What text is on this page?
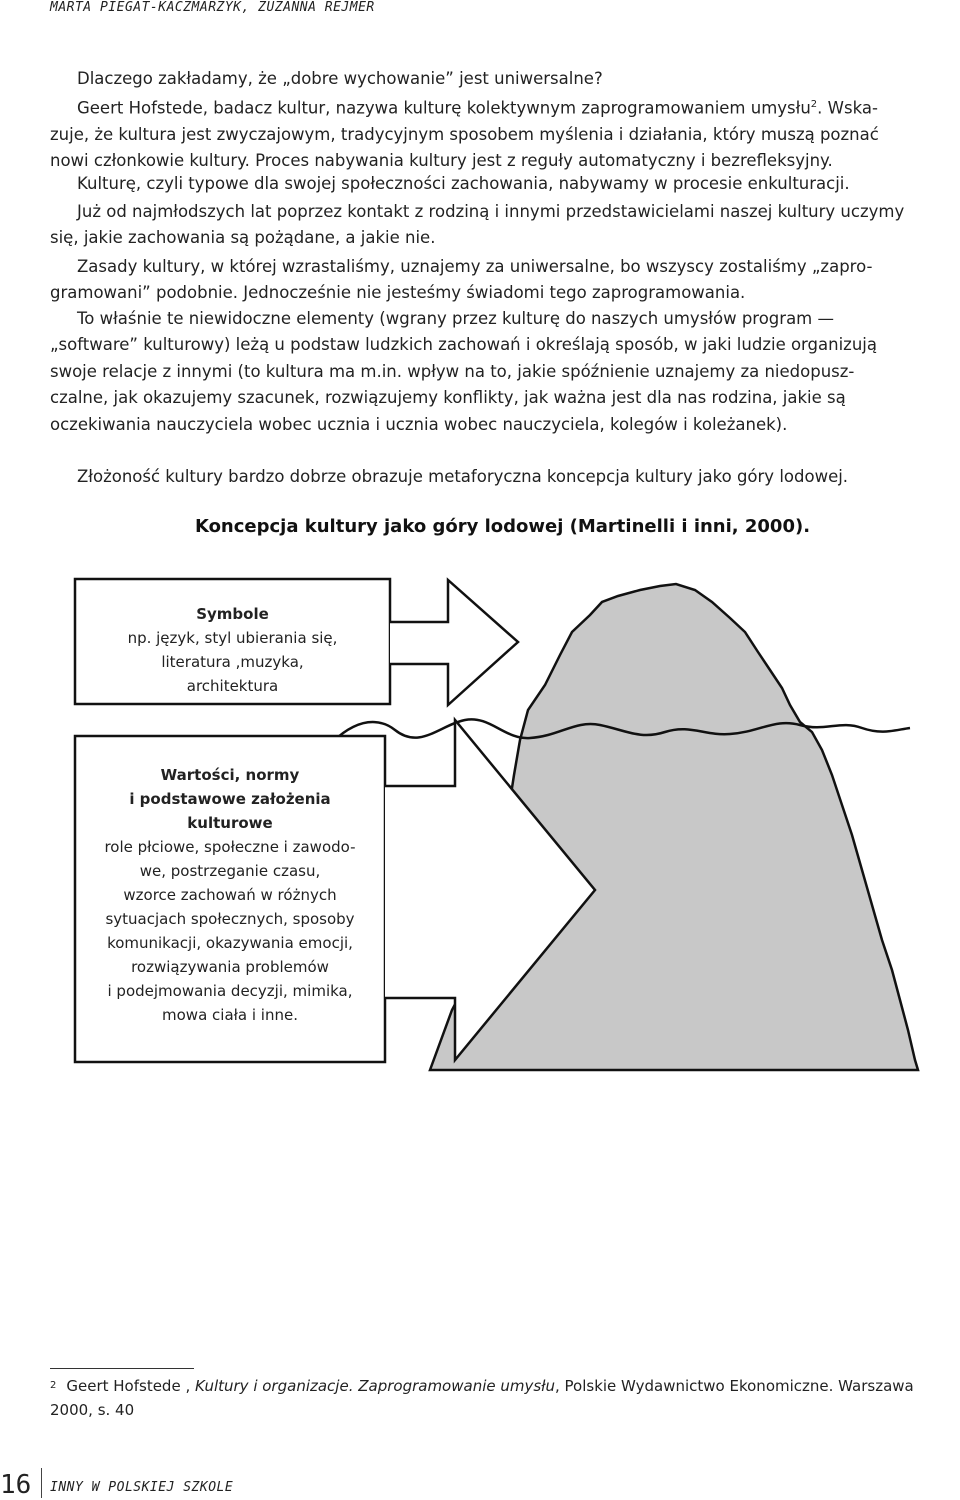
MARTA PIEGAT-KACZMARZYK, ZUZANNA REJMER
Dlaczego zakładamy, że „dobre wychowanie” jest uniwersalne?
Geert Hofstede, badacz kultur, nazywa kulturę kolektywnym zaprogramowaniem umysłu$^2$. Wska-
zuje, że kultura jest zwyczajowym, tradycyjnym sposobem myślenia i działania, który muszą poznać
nowi członkowie kultury. Proces nabywania kultury jest z reguły automatyczny i bezrefleksyjny.
Kulturę, czyli typowe dla swojej społeczności zachowania, nabywamy w procesie enkulturacji.
Już od najmłodszych lat poprzez kontakt z rodziną i innymi przedstawicielami naszej kultury uczymy
się, jakie zachowania są pożądane, a jakie nie.
Zasady kultury, w której wzrastaliśmy, uznajemy za uniwersalne, bo wszyscy zostaliśmy „zapro-
gramowani” podobnie. Jednocześnie nie jesteśmy świadomi tego zaprogramowania.
To właśnie te niewidoczne elementy (wgrany przez kulturę do naszych umysłów program —
„software” kulturowy) leżą u podstaw ludzkich zachowań i określają sposób, w jaki ludzie organizują
swoje relacje z innymi (to kultura ma m.in. wpływ na to, jakie spóźnienie uznajemy za niedopusz-
czalne, jak okazujemy szacunek, rozwiązujemy konflikty, jak ważna jest dla nas rodzina, jakie są
oczekiwania nauczyciela wobec ucznia i ucznia wobec nauczyciela, kolegów i koleżanek).
Złożoność kultury bardzo dobrze obrazuje metaforyczna koncepcja kultury jako góry lodowej.
Koncepcja kultury jako góry lodowej (Martinelli i inni, 2000).
Symbole
np. język, styl ubierania się,
literatura ,muzyka,
architektura
Wartości, normy
i podstawowe założenia
kulturowe
role płciowe, społeczne i zawodo-
we, postrzeganie czasu,
wzorce zachowań w różnych
sytuacjach społecznych, sposoby
komunikacji, okazywania emocji,
rozwiązywania problemów
i podejmowania decyzji, mimika,
mowa ciała i inne.
$^2$ Geert Hofstede , Kultury i organizacje. Zaprogramowanie umysłu, Polskie Wydawnictwo Ekonomiczne. Warszawa
2000, s. 40
16 INNY W POLSKIEJ SZKOLE
